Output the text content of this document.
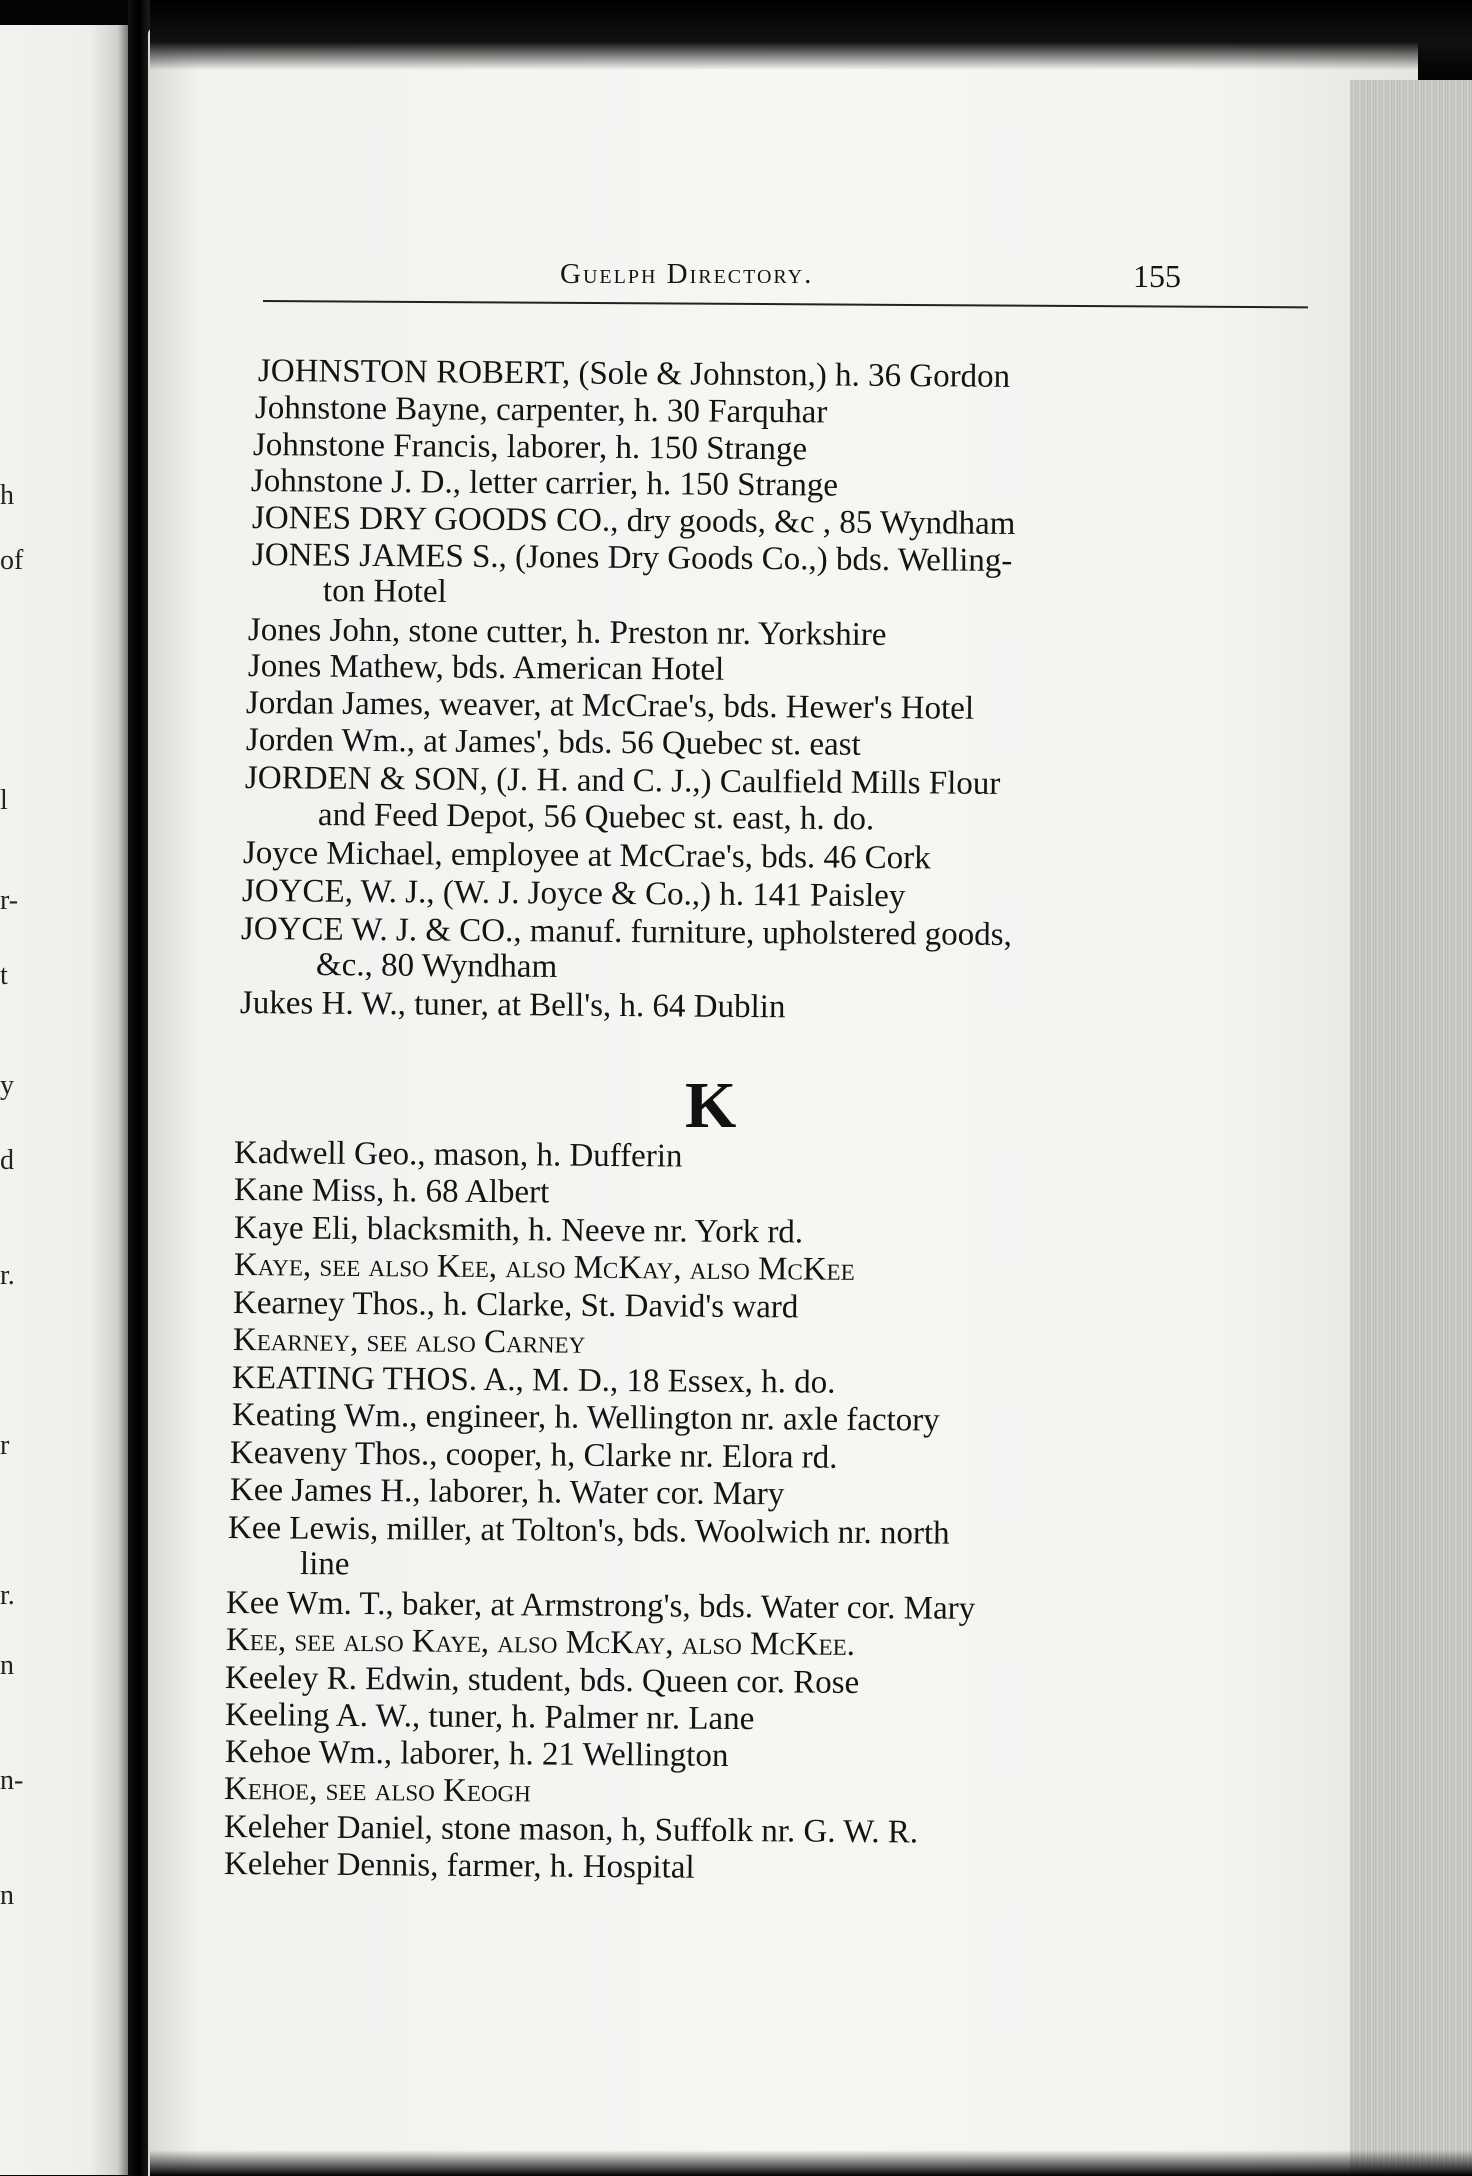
h
of
l
r-
t
y
d
r.
r
r.
n
n-
n
Guelph Directory.	155
JOHNSTON ROBERT, (Sole & Johnston,) h. 36 Gordon
Johnstone Bayne, carpenter, h. 30 Farquhar
Johnstone Francis, laborer, h. 150 Strange
Johnstone J. D., letter carrier, h. 150 Strange
JONES DRY GOODS CO., dry goods, &c , 85 Wyndham
JONES JAMES S., (Jones Dry Goods Co.,) bds. Welling-
ton Hotel
Jones John, stone cutter, h. Preston nr. Yorkshire
Jones Mathew, bds. American Hotel
Jordan James, weaver, at McCrae's, bds. Hewer's Hotel
Jorden Wm., at James', bds. 56 Quebec st. east
JORDEN & SON, (J. H. and C. J.,) Caulfield Mills Flour
and Feed Depot, 56 Quebec st. east, h. do.
Joyce Michael, employee at McCrae's, bds. 46 Cork
JOYCE, W. J., (W. J. Joyce & Co.,) h. 141 Paisley
JOYCE W. J. & CO., manuf. furniture, upholstered goods,
&c., 80 Wyndham
Jukes H. W., tuner, at Bell's, h. 64 Dublin
K
Kadwell Geo., mason, h. Dufferin
Kane Miss, h. 68 Albert
Kaye Eli, blacksmith, h. Neeve nr. York rd.
Kaye, see also Kee, also McKay, also McKee
Kearney Thos., h. Clarke, St. David's ward
Kearney, see also Carney
KEATING THOS. A., M. D., 18 Essex, h. do.
Keating Wm., engineer, h. Wellington nr. axle factory
Keaveny Thos., cooper, h, Clarke nr. Elora rd.
Kee James H., laborer, h. Water cor. Mary
Kee Lewis, miller, at Tolton's, bds. Woolwich nr. north
line
Kee Wm. T., baker, at Armstrong's, bds. Water cor. Mary
Kee, see also Kaye, also McKay, also McKee.
Keeley R. Edwin, student, bds. Queen cor. Rose
Keeling A. W., tuner, h. Palmer nr. Lane
Kehoe Wm., laborer, h. 21 Wellington
Kehoe, see also Keogh
Keleher Daniel, stone mason, h, Suffolk nr. G. W. R.
Keleher Dennis, farmer, h. Hospital
